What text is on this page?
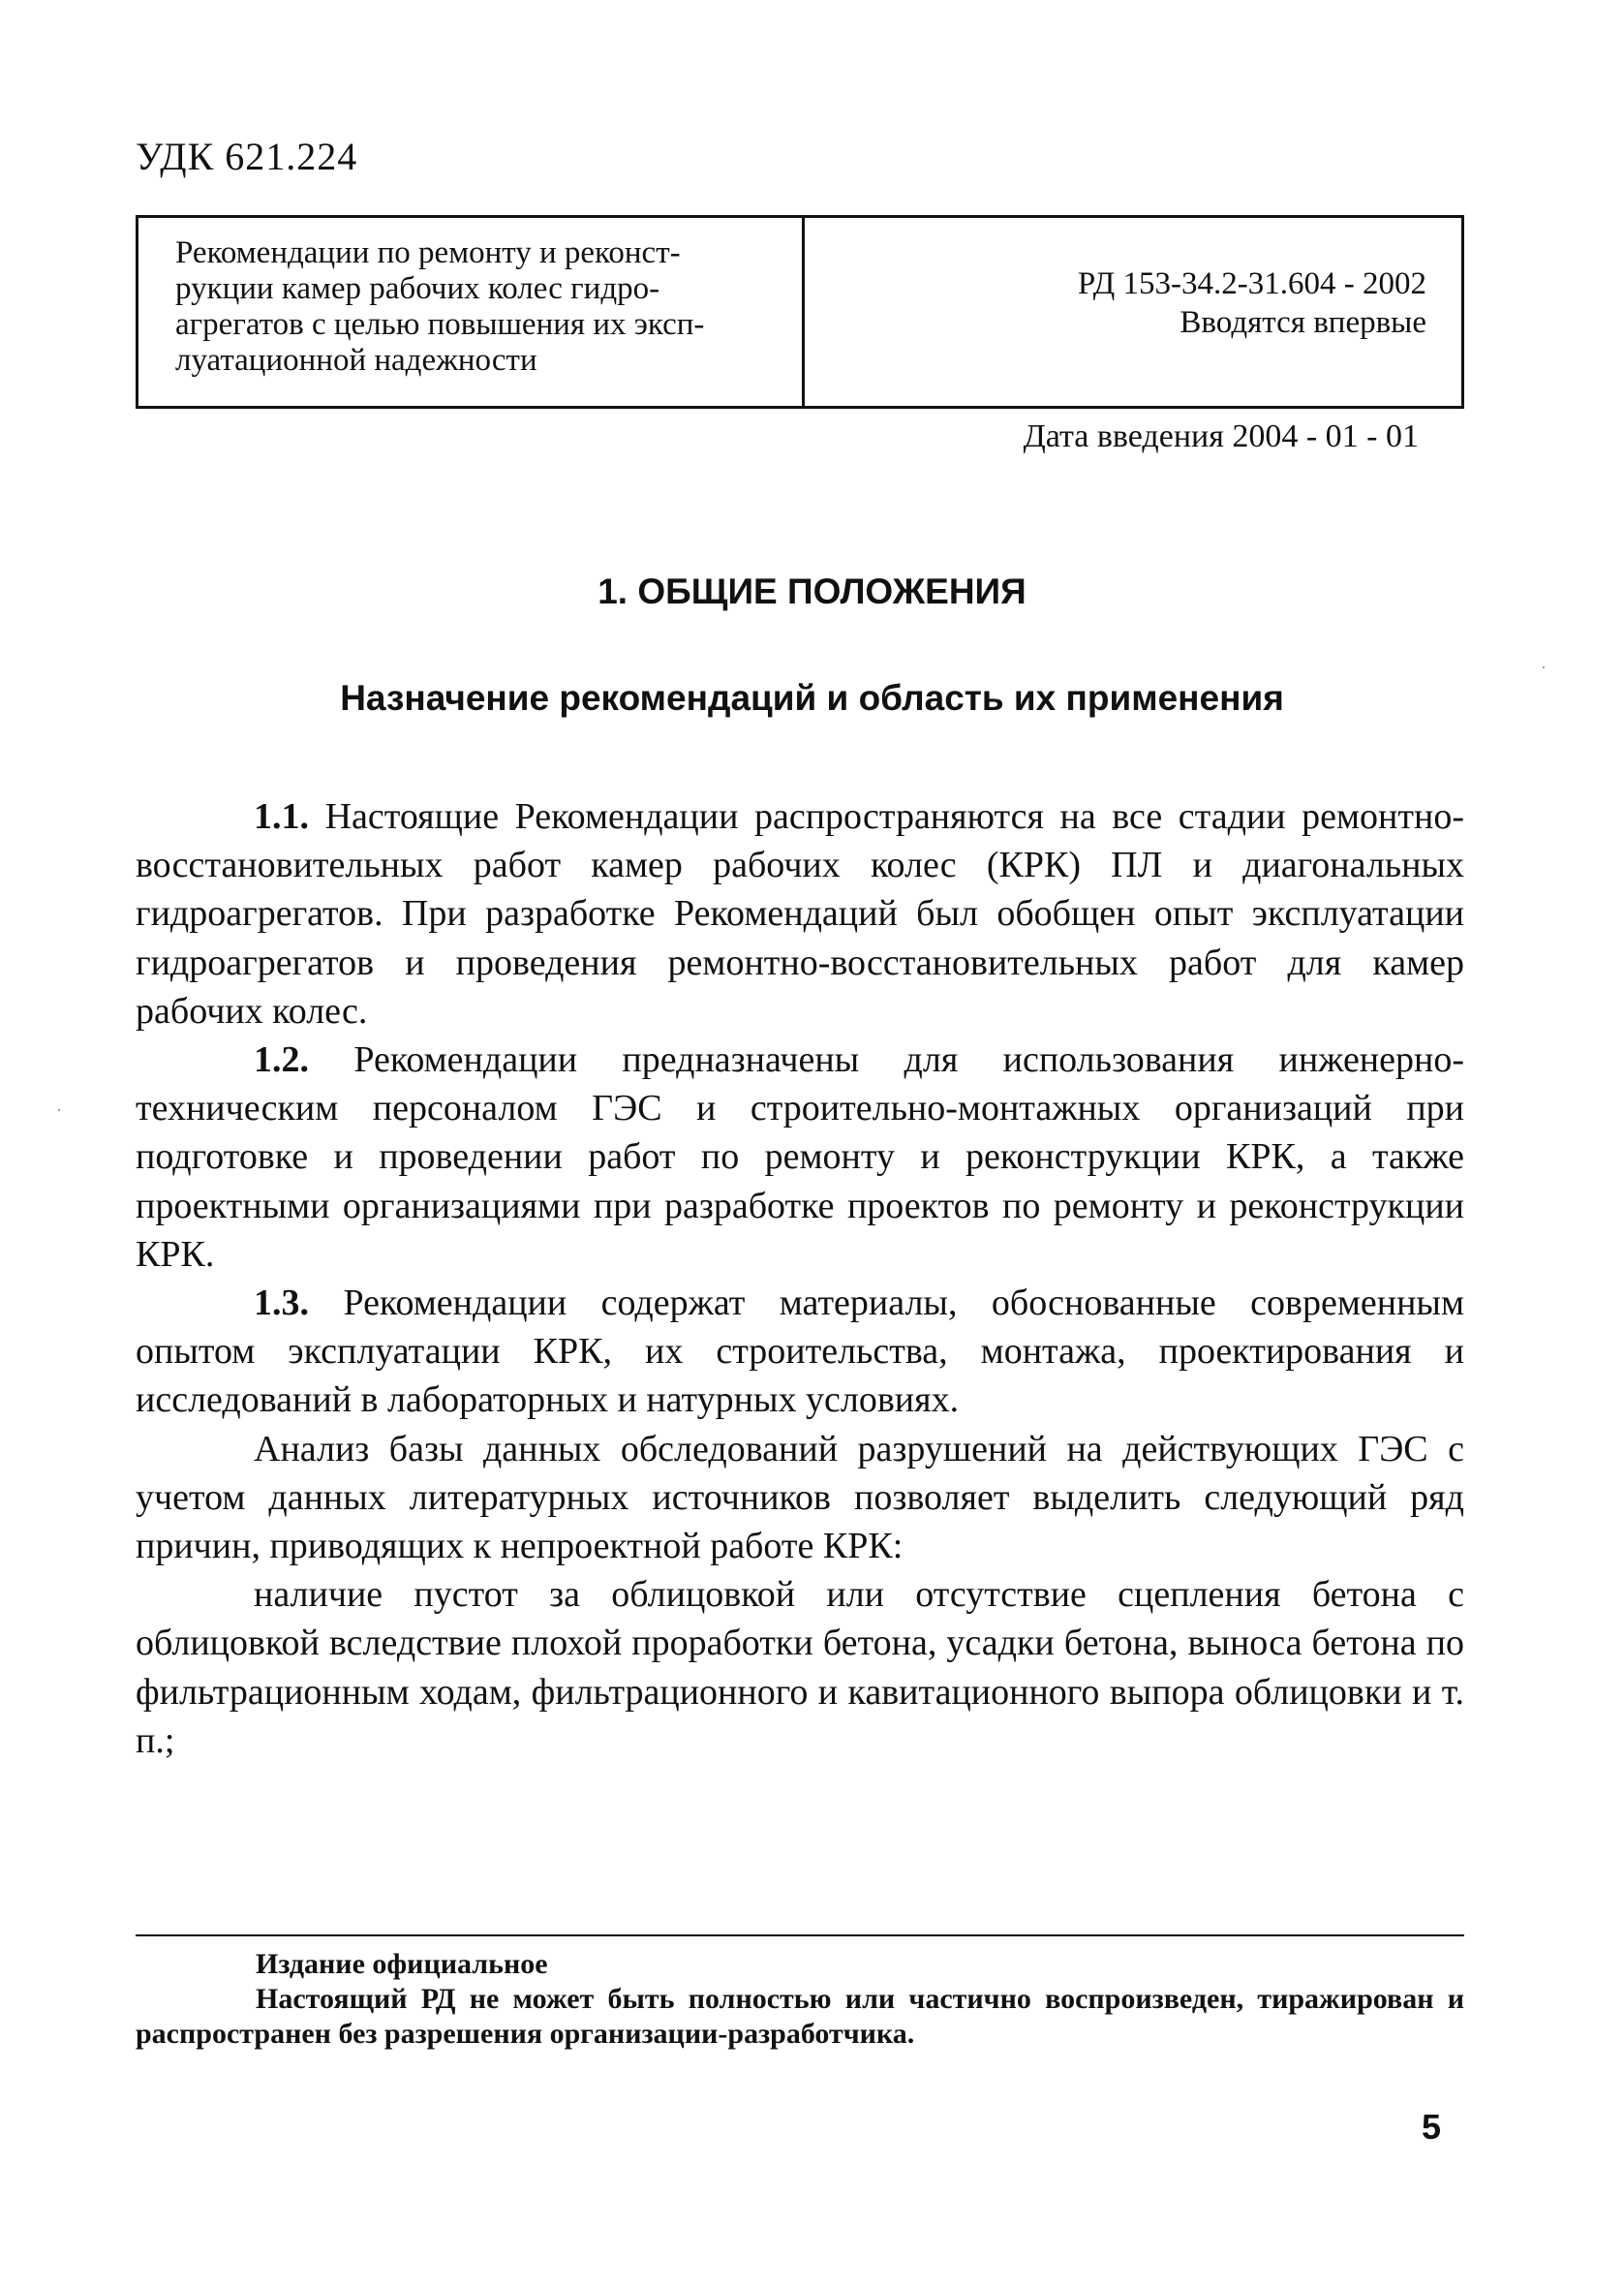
УДК 621.224
Рекомендации по ремонту и реконст-
рукции камер рабочих колес гидро-
агрегатов с целью повышения их эксп-
луатационной надежности
РД 153-34.2-31.604 - 2002
Вводятся впервые
Дата введения 2004 - 01 - 01
1. ОБЩИЕ ПОЛОЖЕНИЯ
Назначение рекомендаций и область их применения

1.1. Настоящие Рекомендации распространяются на все стадии ремонтно-восстановительных работ камер рабочих колес (КРК) ПЛ и диагональных гидроагрегатов. При разработке Рекомендаций был обобщен опыт эксплуатации гидроагрегатов и проведения ремонтно-восстановительных работ для камер рабочих колес.

1.2. Рекомендации предназначены для использования инженерно-техническим персоналом ГЭС и строительно-монтажных организаций при подготовке и проведении работ по ремонту и реконструкции КРК, а также проектными организациями при разработке проектов по ремонту и реконструкции КРК.

1.3. Рекомендации содержат материалы, обоснованные современным опытом эксплуатации КРК, их строительства, монтажа, проектирования и исследований в лабораторных и натурных условиях.

Анализ базы данных обследований разрушений на действующих ГЭС с учетом данных литературных источников позволяет выделить следующий ряд причин, приводящих к непроектной работе КРК:

наличие пустот за облицовкой или отсутствие сцепления бетона с облицовкой вследствие плохой проработки бетона, усадки бетона, выноса бетона по фильтрационным ходам, фильтрационного и кавитационного выпора облицовки и т. п.;

Издание официальное
Настоящий РД не может быть полностью или частично воспроизведен, тиражирован и распространен без разрешения организации-разработчика.
5
